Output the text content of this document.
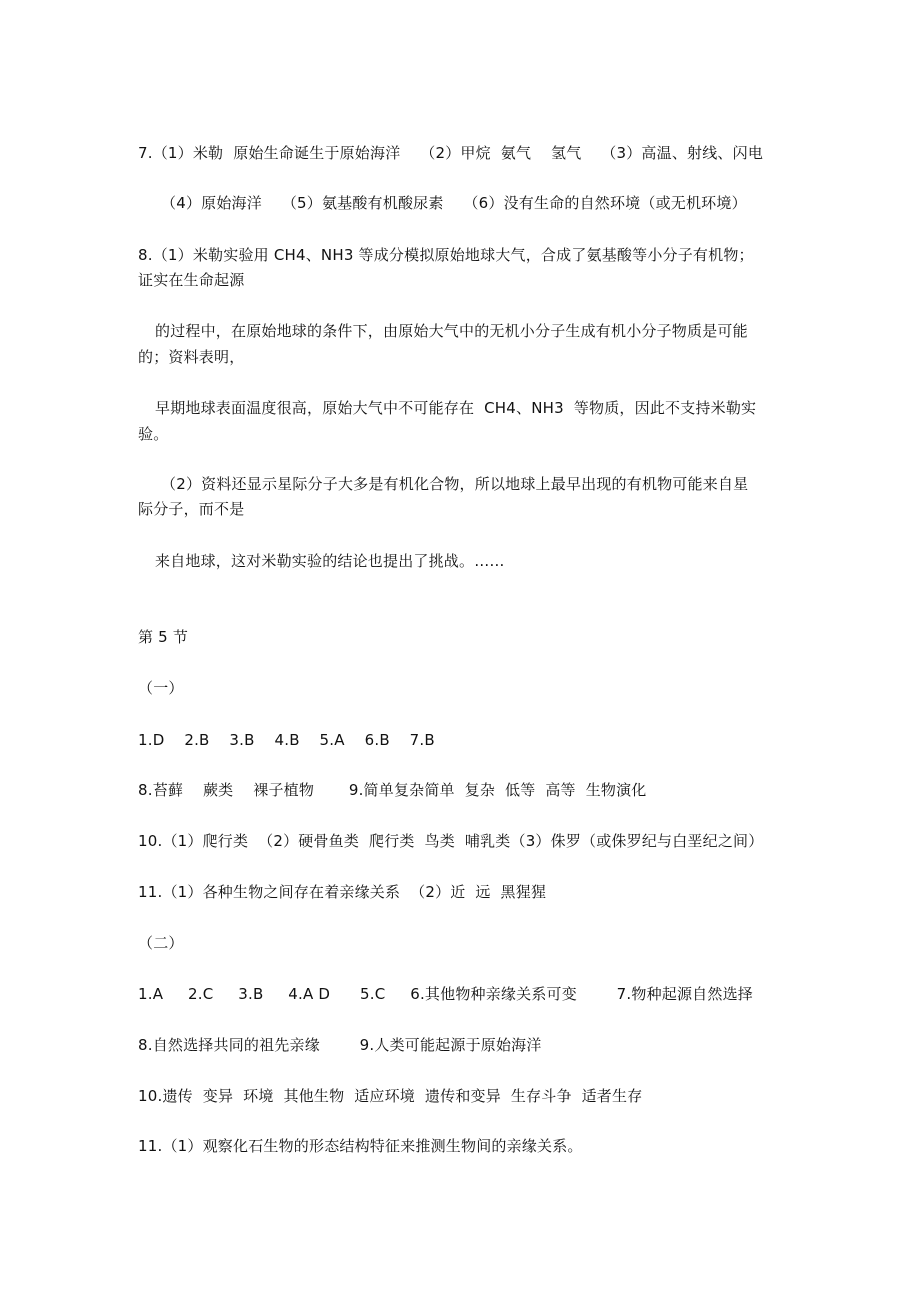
7.（1）米勒  原始生命诞生于原始海洋    （2）甲烷  氨气    氢气    （3）高温、射线、闪电
（4）原始海洋    （5）氨基酸有机酸尿素    （6）没有生命的自然环境（或无机环境）
8.（1）米勒实验用 CH4、NH3 等成分模拟原始地球大气，合成了氨基酸等小分子有机物；
证实在生命起源
的过程中，在原始地球的条件下，由原始大气中的无机小分子生成有机小分子物质是可能
的；资料表明，
早期地球表面温度很高，原始大气中不可能存在  CH4、NH3  等物质，因此不支持米勒实
验。
（2）资料还显示星际分子大多是有机化合物，所以地球上最早出现的有机物可能来自星
际分子，而不是
来自地球，这对米勒实验的结论也提出了挑战。……
第 5 节
（一）
1.D    2.B    3.B    4.B    5.A    6.B    7.B
8.苔藓    蕨类    裸子植物       9.简单复杂简单  复杂  低等  高等  生物演化
10.（1）爬行类  （2）硬骨鱼类  爬行类  鸟类  哺乳类（3）侏罗（或侏罗纪与白垩纪之间）
11.（1）各种生物之间存在着亲缘关系  （2）近  远  黑猩猩
（二）
1.A     2.C     3.B     4.A D      5.C     6.其他物种亲缘关系可变        7.物种起源自然选择
8.自然选择共同的祖先亲缘        9.人类可能起源于原始海洋
10.遗传  变异  环境  其他生物  适应环境  遗传和变异  生存斗争  适者生存
11.（1）观察化石生物的形态结构特征来推测生物间的亲缘关系。
